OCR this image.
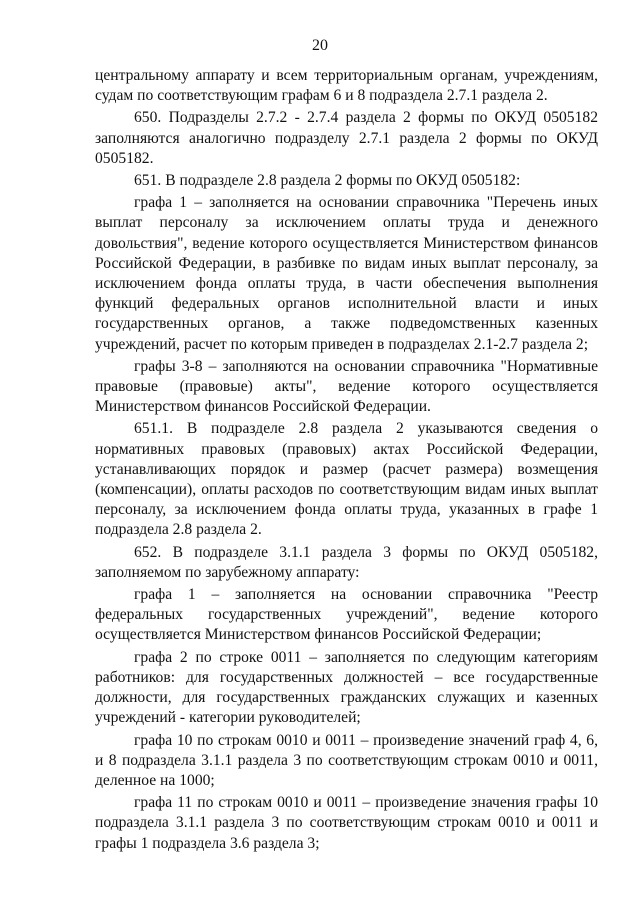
20

центральному аппарату и всем территориальным органам, учреждениям, судам по соответствующим графам 6 и 8 подраздела 2.7.1 раздела 2.

650. Подразделы 2.7.2 - 2.7.4 раздела 2 формы по ОКУД 0505182 заполняются аналогично подразделу 2.7.1 раздела 2 формы по ОКУД 0505182.

651. В подразделе 2.8 раздела 2 формы по ОКУД 0505182:

графа 1 – заполняется на основании справочника "Перечень иных выплат персоналу за исключением оплаты труда и денежного довольствия", ведение которого осуществляется Министерством финансов Российской Федерации, в разбивке по видам иных выплат персоналу, за исключением фонда оплаты труда, в части обеспечения выполнения функций федеральных органов исполнительной власти и иных государственных органов, а также подведомственных казенных учреждений, расчет по которым приведен в подразделах 2.1-2.7 раздела 2;

графы 3-8 – заполняются на основании справочника "Нормативные правовые (правовые) акты", ведение которого осуществляется Министерством финансов Российской Федерации.

651.1. В подразделе 2.8 раздела 2 указываются сведения о нормативных правовых (правовых) актах Российской Федерации, устанавливающих порядок и размер (расчет размера) возмещения (компенсации), оплаты расходов по соответствующим видам иных выплат персоналу, за исключением фонда оплаты труда, указанных в графе 1 подраздела 2.8 раздела 2.

652. В подразделе 3.1.1 раздела 3 формы по ОКУД 0505182, заполняемом по зарубежному аппарату:

графа 1 – заполняется на основании справочника "Реестр федеральных государственных учреждений", ведение которого осуществляется Министерством финансов Российской Федерации;

графа 2 по строке 0011 – заполняется по следующим категориям работников: для государственных должностей – все государственные должности, для государственных гражданских служащих и казенных учреждений - категории руководителей;

графа 10 по строкам 0010 и 0011 – произведение значений граф 4, 6, и 8 подраздела 3.1.1 раздела 3 по соответствующим строкам 0010 и 0011, деленное на 1000;

графа 11 по строкам 0010 и 0011 – произведение значения графы 10 подраздела 3.1.1 раздела 3 по соответствующим строкам 0010 и 0011 и графы 1 подраздела 3.6 раздела 3;
